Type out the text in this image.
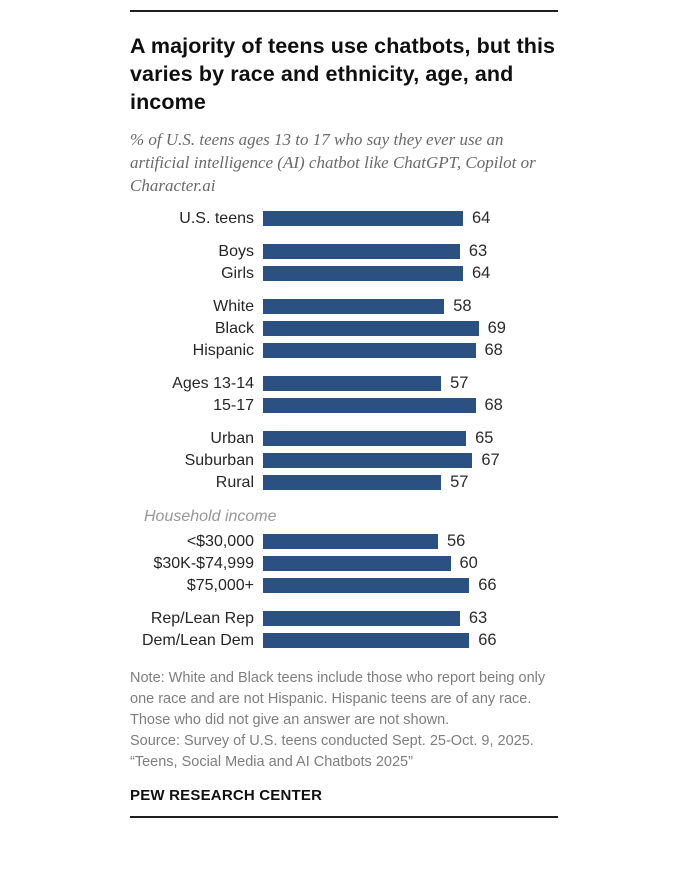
A majority of teens use chatbots, but this varies by race and ethnicity, age, and income

% of U.S. teens ages 13 to 17 who say they ever use an artificial intelligence (AI) chatbot like ChatGPT, Copilot or Character.ai

U.S. teens	64
Boys	63
Girls	64
White	58
Black	69
Hispanic	68
Ages 13-14	57
15-17	68
Urban	65
Suburban	67
Rural	57
Household income
<$30,000	56
$30K-$74,999	60
$75,000+	66
Rep/Lean Rep	63
Dem/Lean Dem	66

Note: White and Black teens include those who report being only one race and are not Hispanic. Hispanic teens are of any race. Those who did not give an answer are not shown.

Source: Survey of U.S. teens conducted Sept. 25-Oct. 9, 2025.

“Teens, Social Media and AI Chatbots 2025”

PEW RESEARCH CENTER
